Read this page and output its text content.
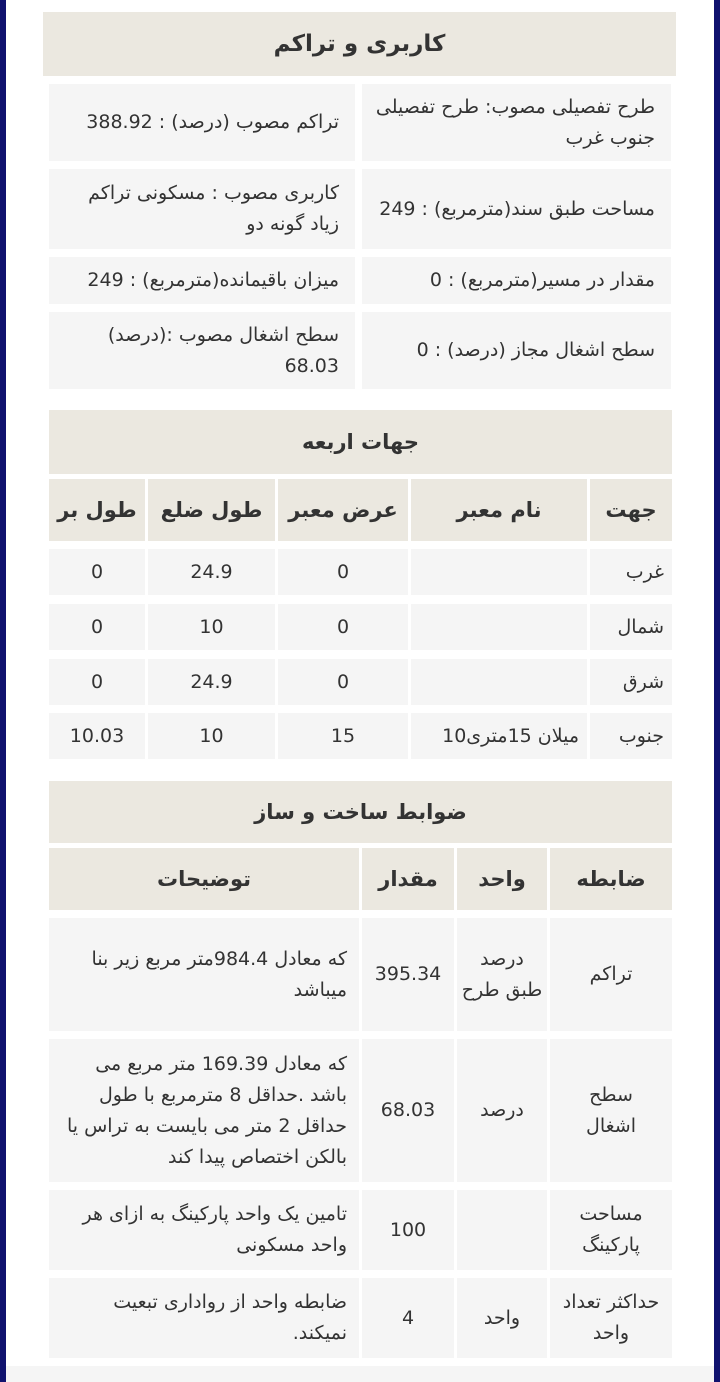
کاربری و تراکم
طرح تفصیلی مصوب: طرح تفصیلی جنوب غرب
تراکم مصوب (درصد) : 388.92
مساحت طبق سند(مترمربع) : 249
کاربری مصوب : مسکونی تراکم زیاد گونه دو
مقدار در مسیر(مترمربع) : 0
میزان باقیمانده(مترمربع) : 249
سطح اشغال مجاز (درصد) : 0
سطح اشغال مصوب :(درصد) 68.03
جهات اربعه
جهت
نام معبر
عرض معبر
طول ضلع
طول بر
غرب
0
24.9
0
شمال
0
10
0
شرق
0
24.9
0
جنوب
میلان 15متری10
15
10
10.03
ضوابط ساخت و ساز
ضابطه
واحد
مقدار
توضیحات
تراکم
درصد طبق طرح
395.34
که معادل 984.4متر مربع زیر بنا میباشد
سطح اشغال
درصد
68.03
که معادل 169.39 متر مربع می باشد .حداقل 8 مترمربع با طول حداقل 2 متر می بایست به تراس یا بالکن اختصاص پیدا کند
مساحت پارکینگ
100
تامین یک واحد پارکینگ به ازای هر واحد مسکونی
حداکثر تعداد واحد
واحد
4
ضابطه واحد از رواداری تبعیت نمیکند.
